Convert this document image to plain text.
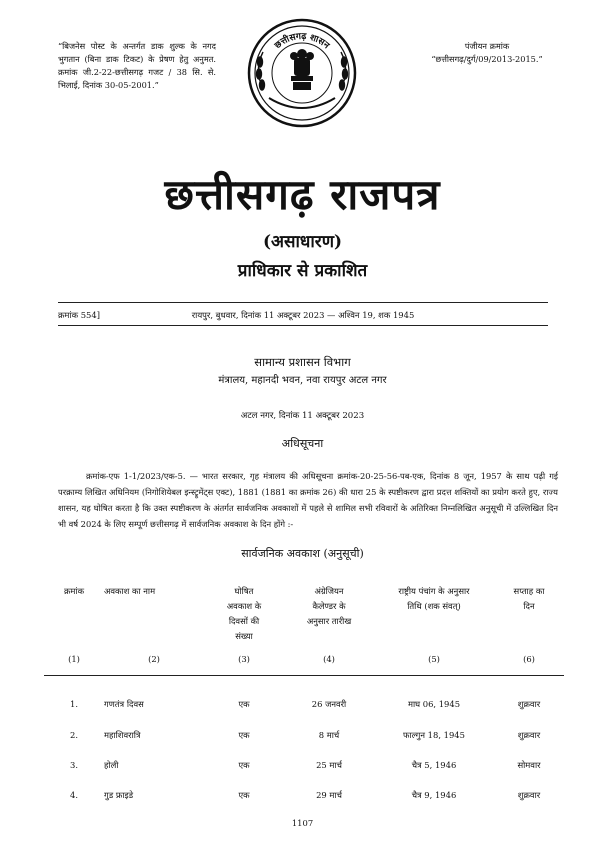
“बिजनेस पोस्ट के अन्तर्गत डाक शुल्क के नगद भुगतान (बिना डाक टिकट) के प्रेषण हेतु अनुमत. क्रमांक जी.2-22-छत्तीसगढ़ गजट / 38 सि. से. भिलाई, दिनांक 30-05-2001.”
पंजीयन क्रमांक
“छत्तीसगढ़/दुर्ग/09/2013-2015.”
छत्तीसगढ़ शासन
छत्तीसगढ़ राजपत्र
(असाधारण)
प्राधिकार से प्रकाशित
क्रमांक 554]	रायपुर, बुधवार, दिनांक 11 अक्टूबर 2023 — अश्विन 19, शक 1945
सामान्य प्रशासन विभाग
मंत्रालय, महानदी भवन, नवा रायपुर अटल नगर
अटल नगर, दिनांक 11 अक्टूबर 2023
अधिसूचना
क्रमांक-एफ 1-1/2023/एक-5. — भारत सरकार, गृह मंत्रालय की अधिसूचना क्रमांक-20-25-56-पब-एक, दिनांक 8 जून, 1957 के साथ पढ़ी गई परक्राम्य लिखित अधिनियम (निगोशियेबल इन्स्ट्रूमेंट्स एक्ट), 1881 (1881 का क्रमांक 26) की धारा 25 के स्पष्टीकरण द्वारा प्रदत्त शक्तियों का प्रयोग करते हुए, राज्य शासन, यह घोषित करता है कि उक्त स्पष्टीकरण के अंतर्गत सार्वजनिक अवकाशों में पहले से शामिल सभी रविवारों के अतिरिक्त निम्नलिखित अनुसूची में उल्लिखित दिन भी वर्ष 2024 के लिए सम्पूर्ण छत्तीसगढ़ में सार्वजनिक अवकाश के दिन होंगे :-
सार्वजनिक अवकाश (अनुसूची)
क्रमांक	अवकाश का नाम	घोषित अवकाश के दिवसों की संख्या	अंग्रेजियन कैलेण्डर के अनुसार तारीख	राष्ट्रीय पंचांग के अनुसार तिथि (शक संवत्)	सप्ताह का दिन
(1)	(2)	(3)	(4)	(5)	(6)
1.	गणतंत्र दिवस	एक	26 जनवरी	माघ 06, 1945	शुक्रवार
2.	महाशिवरात्रि	एक	8 मार्च	फाल्गुन 18, 1945	शुक्रवार
3.	होली	एक	25 मार्च	चैत्र 5, 1946	सोमवार
4.	गुड फ्राइडे	एक	29 मार्च	चैत्र 9, 1946	शुक्रवार
1107
